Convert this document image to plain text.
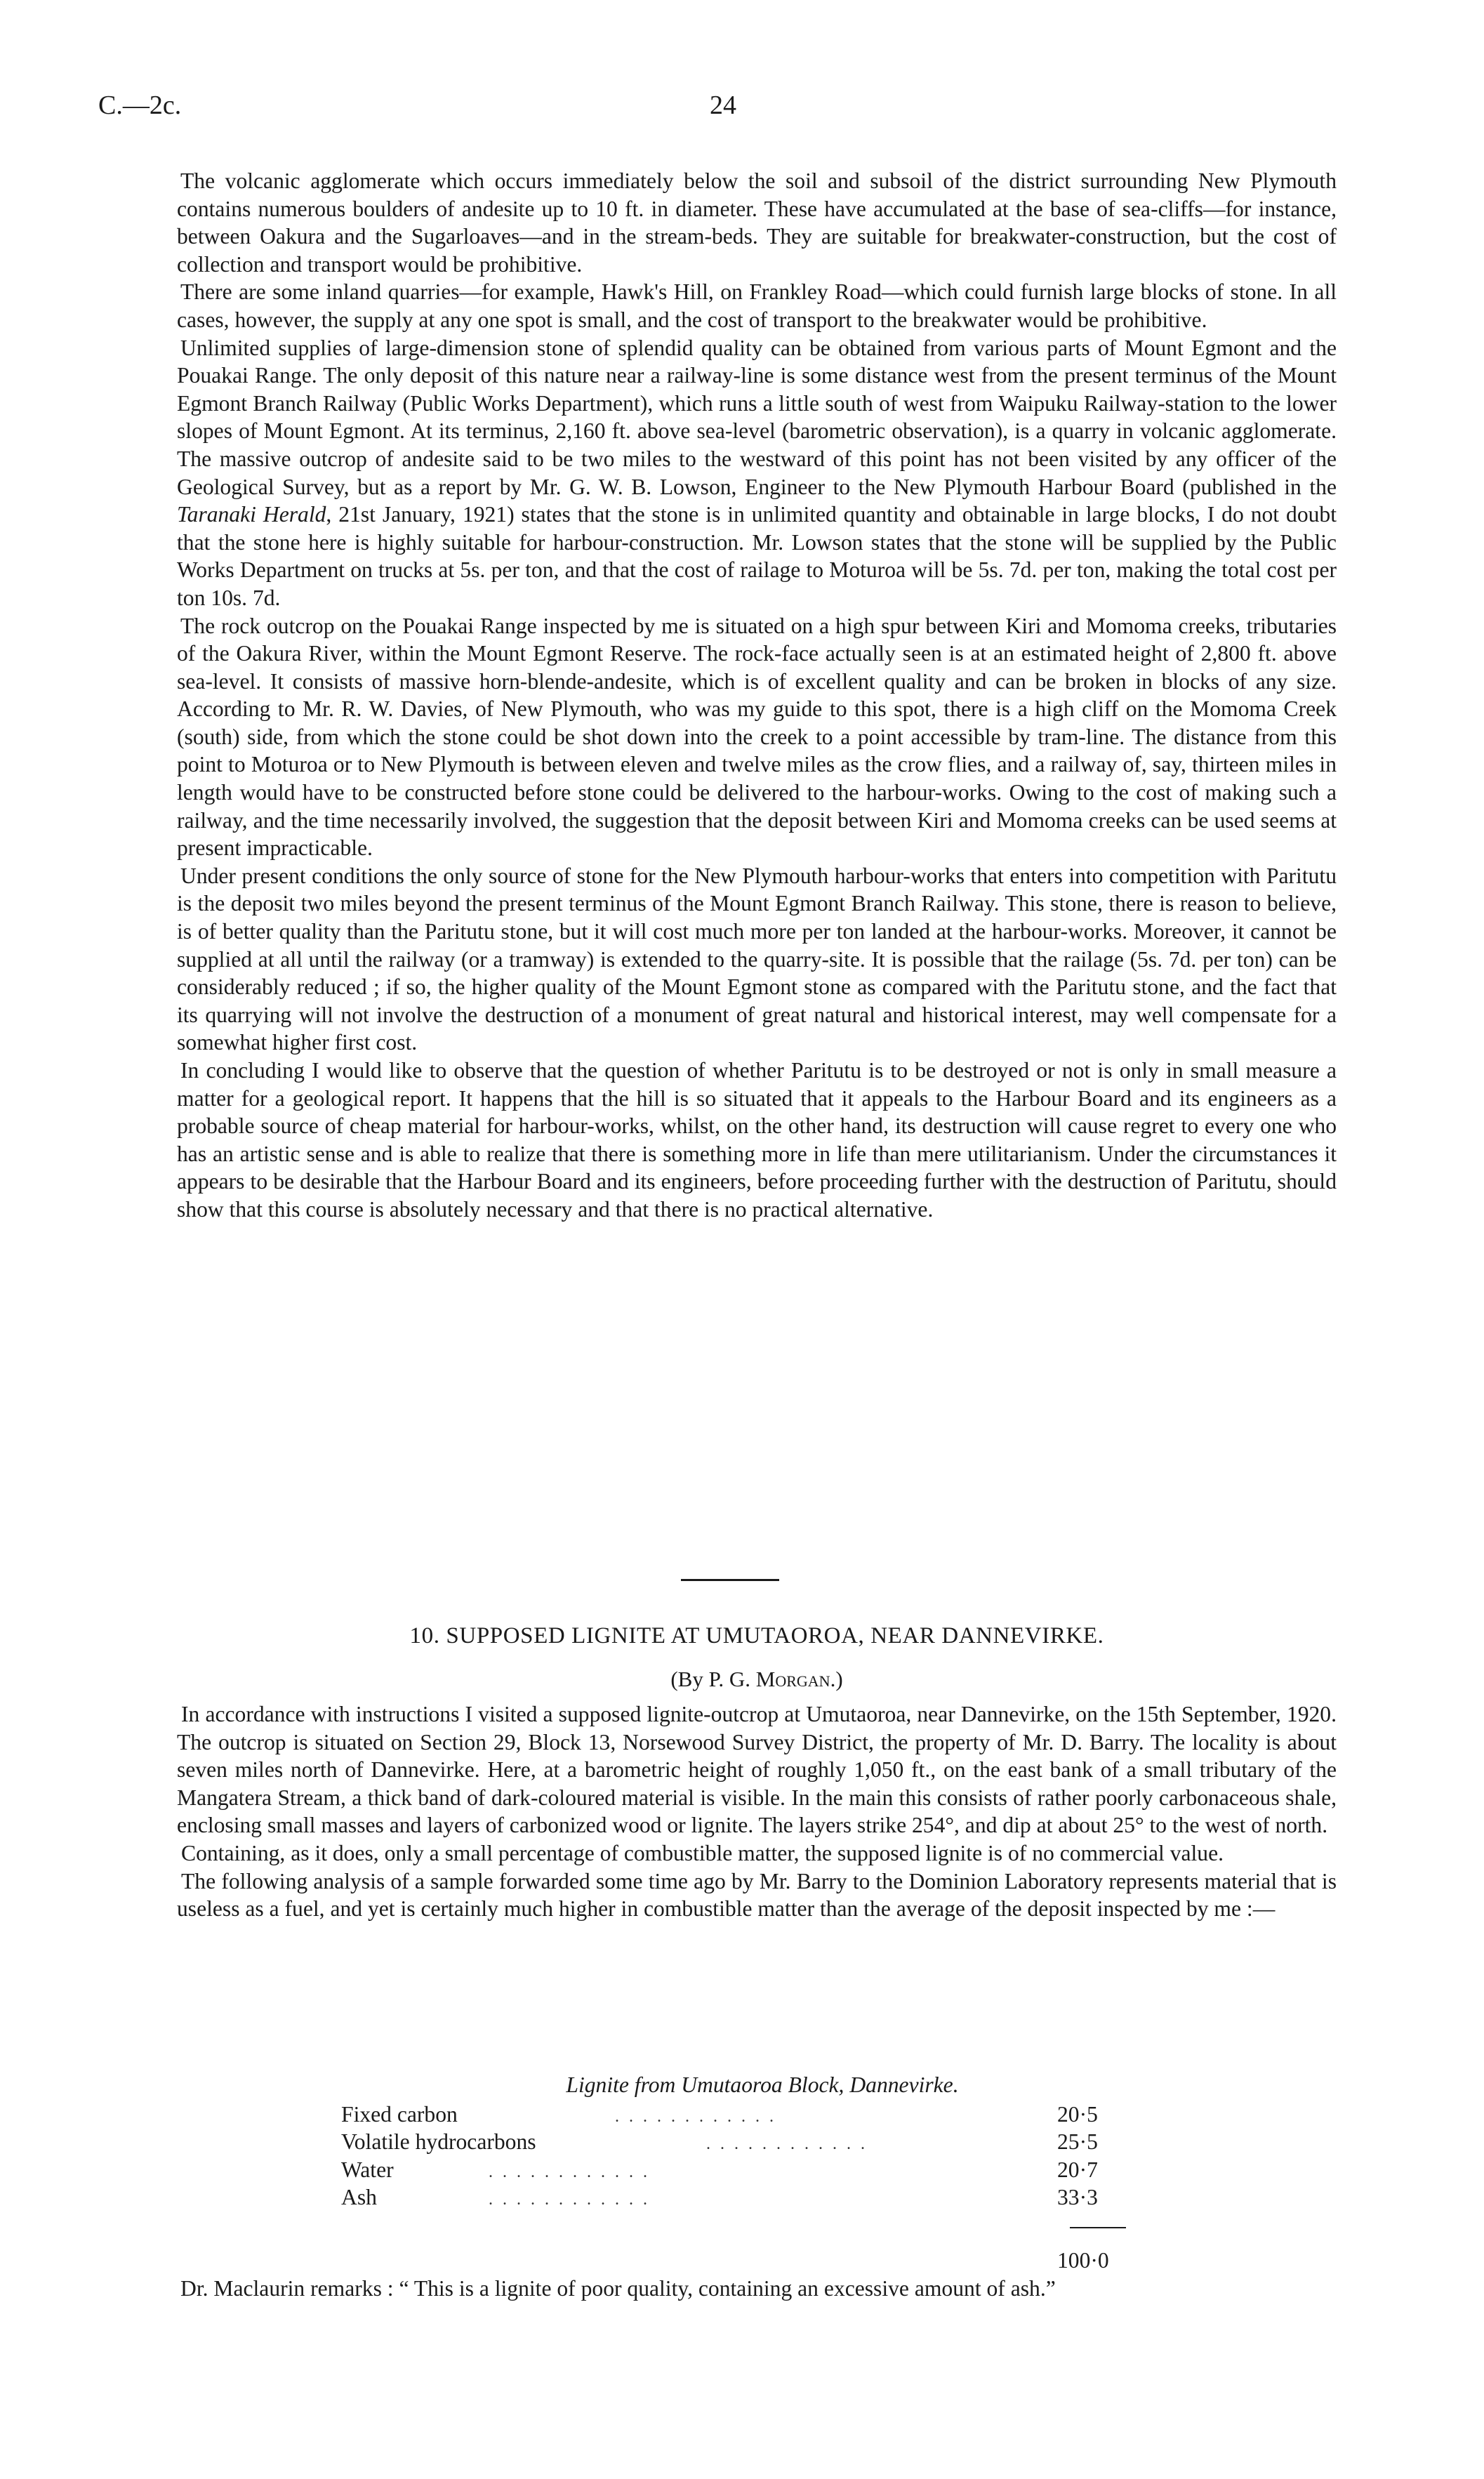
C.—2c.	24

The volcanic agglomerate which occurs immediately below the soil and subsoil of the district surrounding New Plymouth contains numerous boulders of andesite up to 10 ft. in diameter. These have accumulated at the base of sea-cliffs—for instance, between Oakura and the Sugarloaves—and in the stream-beds. They are suitable for breakwater-construction, but the cost of collection and transport would be prohibitive.

There are some inland quarries—for example, Hawk's Hill, on Frankley Road—which could furnish large blocks of stone. In all cases, however, the supply at any one spot is small, and the cost of transport to the breakwater would be prohibitive.

Unlimited supplies of large-dimension stone of splendid quality can be obtained from various parts of Mount Egmont and the Pouakai Range. The only deposit of this nature near a railway-line is some distance west from the present terminus of the Mount Egmont Branch Railway (Public Works Department), which runs a little south of west from Waipuku Railway-station to the lower slopes of Mount Egmont. At its terminus, 2,160 ft. above sea-level (barometric observation), is a quarry in volcanic agglomerate. The massive outcrop of andesite said to be two miles to the westward of this point has not been visited by any officer of the Geological Survey, but as a report by Mr. G. W. B. Lowson, Engineer to the New Plymouth Harbour Board (published in the Taranaki Herald, 21st January, 1921) states that the stone is in unlimited quantity and obtainable in large blocks, I do not doubt that the stone here is highly suitable for harbour-construction. Mr. Lowson states that the stone will be supplied by the Public Works Department on trucks at 5s. per ton, and that the cost of railage to Moturoa will be 5s. 7d. per ton, making the total cost per ton 10s. 7d.

The rock outcrop on the Pouakai Range inspected by me is situated on a high spur between Kiri and Momoma creeks, tributaries of the Oakura River, within the Mount Egmont Reserve. The rock-face actually seen is at an estimated height of 2,800 ft. above sea-level. It consists of massive horn-blende-andesite, which is of excellent quality and can be broken in blocks of any size. According to Mr. R. W. Davies, of New Plymouth, who was my guide to this spot, there is a high cliff on the Momoma Creek (south) side, from which the stone could be shot down into the creek to a point accessible by tram-line. The distance from this point to Moturoa or to New Plymouth is between eleven and twelve miles as the crow flies, and a railway of, say, thirteen miles in length would have to be constructed before stone could be delivered to the harbour-works. Owing to the cost of making such a railway, and the time necessarily involved, the suggestion that the deposit between Kiri and Momoma creeks can be used seems at present impracticable.

Under present conditions the only source of stone for the New Plymouth harbour-works that enters into competition with Paritutu is the deposit two miles beyond the present terminus of the Mount Egmont Branch Railway. This stone, there is reason to believe, is of better quality than the Paritutu stone, but it will cost much more per ton landed at the harbour-works. Moreover, it cannot be supplied at all until the railway (or a tramway) is extended to the quarry-site. It is possible that the railage (5s. 7d. per ton) can be considerably reduced ; if so, the higher quality of the Mount Egmont stone as compared with the Paritutu stone, and the fact that its quarrying will not involve the destruction of a monument of great natural and historical interest, may well compensate for a somewhat higher first cost.

In concluding I would like to observe that the question of whether Paritutu is to be destroyed or not is only in small measure a matter for a geological report. It happens that the hill is so situated that it appeals to the Harbour Board and its engineers as a probable source of cheap material for harbour-works, whilst, on the other hand, its destruction will cause regret to every one who has an artistic sense and is able to realize that there is something more in life than mere utilitarianism. Under the circumstances it appears to be desirable that the Harbour Board and its engineers, before proceeding further with the destruction of Paritutu, should show that this course is absolutely necessary and that there is no practical alternative.

10. SUPPOSED LIGNITE AT UMUTAOROA, NEAR DANNEVIRKE.
(By P. G. Morgan.)

In accordance with instructions I visited a supposed lignite-outcrop at Umutaoroa, near Dannevirke, on the 15th September, 1920. The outcrop is situated on Section 29, Block 13, Norsewood Survey District, the property of Mr. D. Barry. The locality is about seven miles north of Dannevirke. Here, at a barometric height of roughly 1,050 ft., on the east bank of a small tributary of the Mangatera Stream, a thick band of dark-coloured material is visible. In the main this consists of rather poorly carbonaceous shale, enclosing small masses and layers of carbonized wood or lignite. The layers strike 254°, and dip at about 25° to the west of north.

Containing, as it does, only a small percentage of combustible matter, the supposed lignite is of no commercial value.

The following analysis of a sample forwarded some time ago by Mr. Barry to the Dominion Laboratory represents material that is useless as a fuel, and yet is certainly much higher in combustible matter than the average of the deposit inspected by me :—

Lignite from Umutaoroa Block, Dannevirke.
Fixed carbon	. . . . . . . . . . . .	20·5
Volatile hydrocarbons	. . . . . . . . . . . .	25·5
Water	. . . . . . . . . . . .	20·7
Ash	. . . . . . . . . . . .	33·3
100·0

Dr. Maclaurin remarks : “ This is a lignite of poor quality, containing an excessive amount of ash.”
